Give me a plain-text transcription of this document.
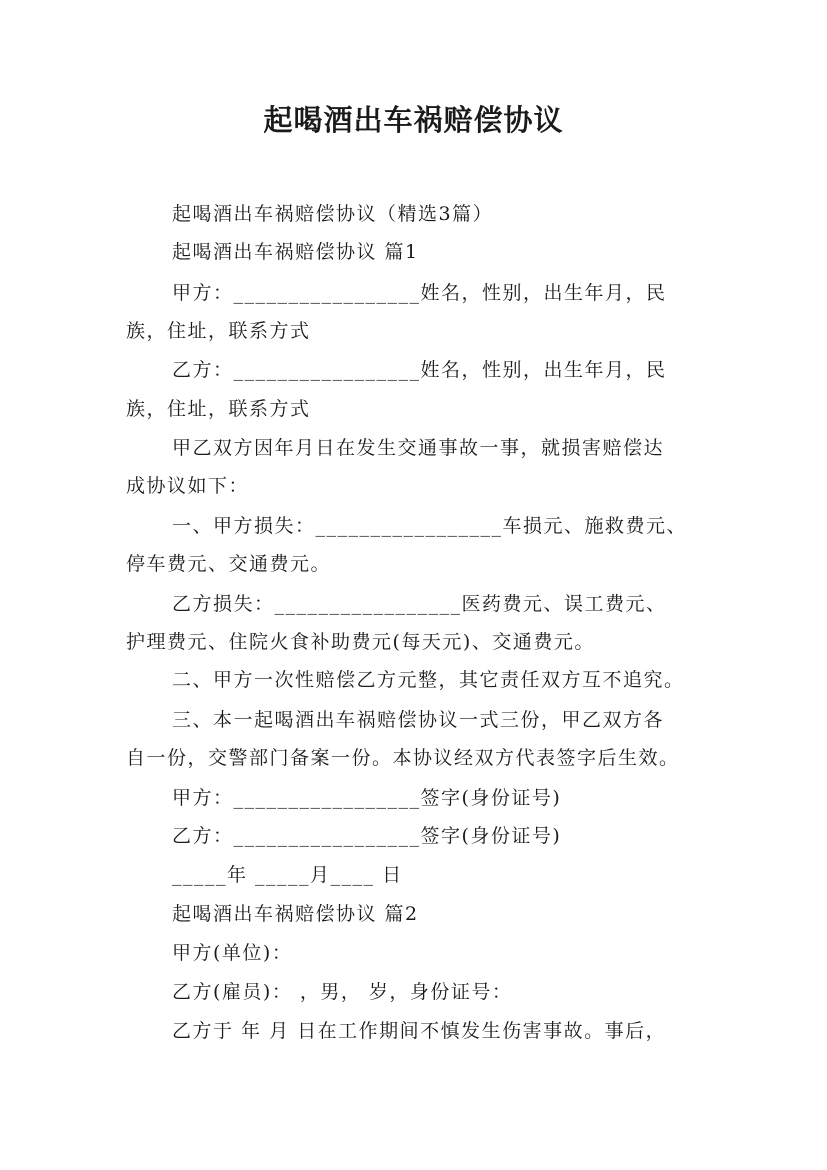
起喝酒出车祸赔偿协议
起喝酒出车祸赔偿协议（精选3篇）
起喝酒出车祸赔偿协议 篇1
甲方：_________________姓名，性别，出生年月，民
族，住址，联系方式
乙方：_________________姓名，性别，出生年月，民
族，住址，联系方式
甲乙双方因年月日在发生交通事故一事，就损害赔偿达
成协议如下：
一、甲方损失：_________________车损元、施救费元、
停车费元、交通费元。
乙方损失：_________________医药费元、误工费元、
护理费元、住院火食补助费元(每天元)、交通费元。
二、甲方一次性赔偿乙方元整，其它责任双方互不追究。
三、本一起喝酒出车祸赔偿协议一式三份，甲乙双方各
自一份，交警部门备案一份。本协议经双方代表签字后生效。
甲方：_________________签字(身份证号)
乙方：_________________签字(身份证号)
_____年 _____月____ 日
起喝酒出车祸赔偿协议 篇2
甲方(单位)：
乙方(雇员)： ，男， 岁，身份证号：
乙方于 年 月 日在工作期间不慎发生伤害事故。事后，
